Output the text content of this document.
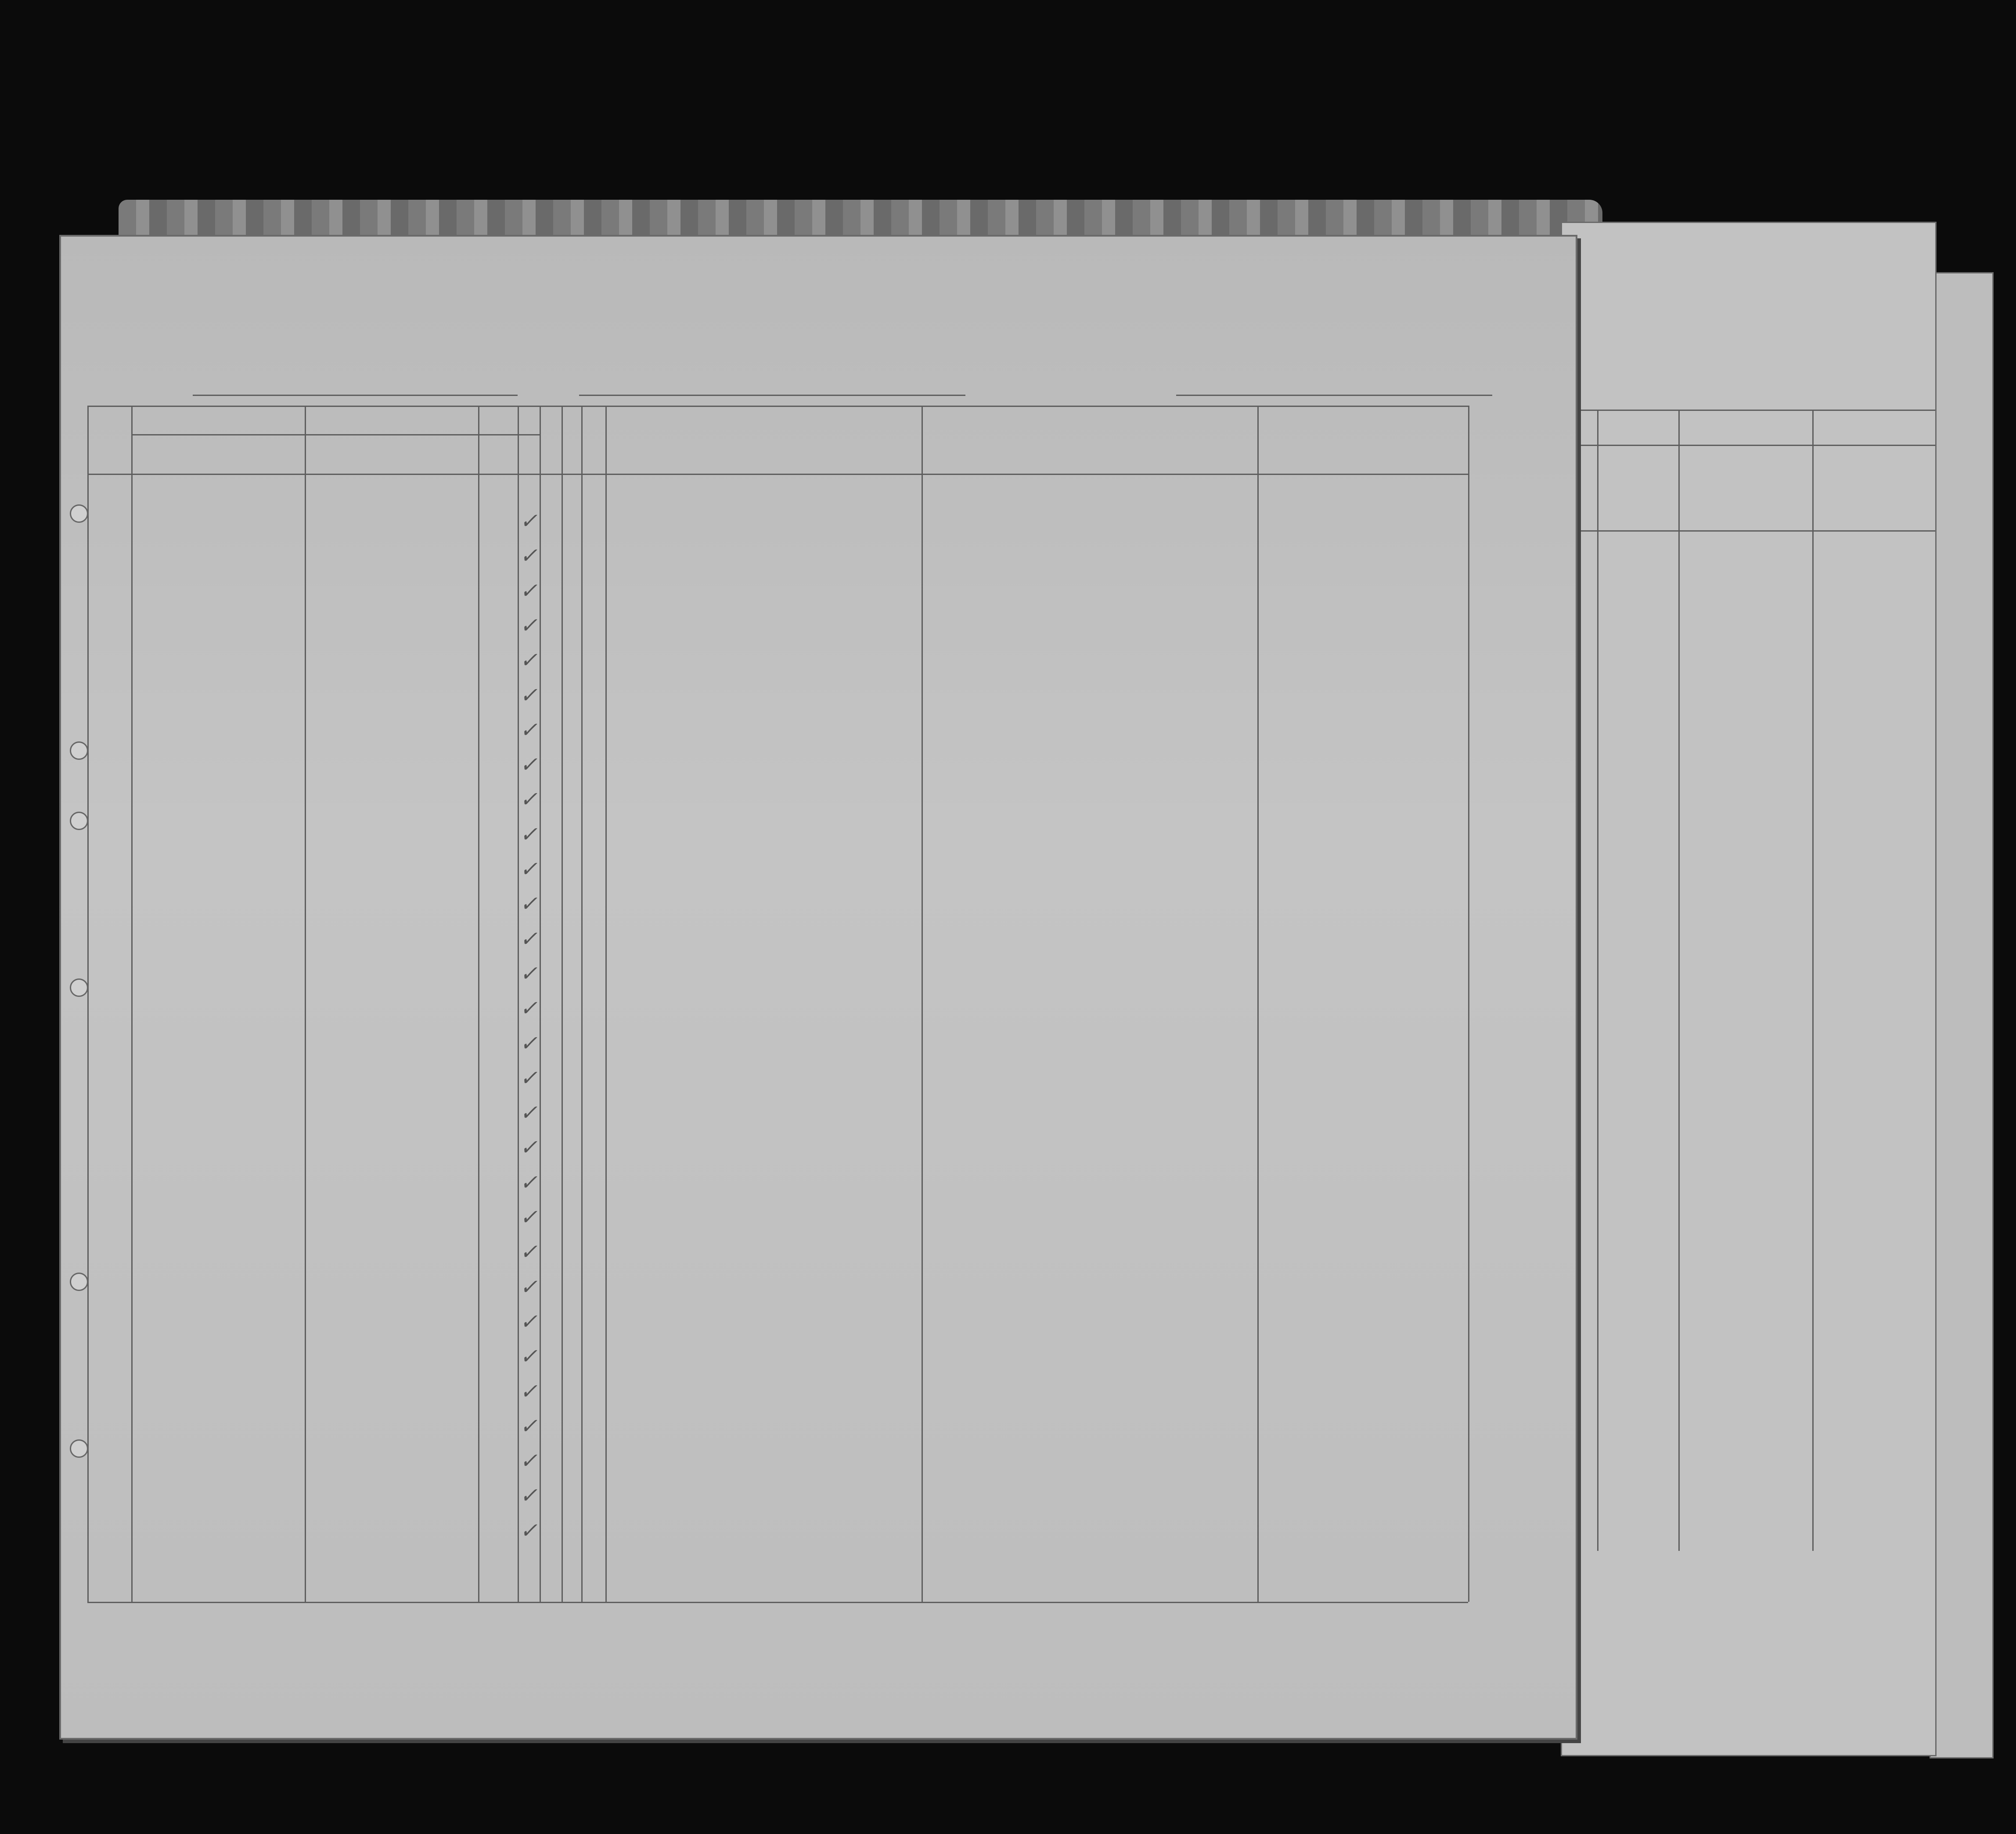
✓
✓
✓
✓
✓
✓
✓
✓
✓
✓
✓
✓
✓
✓
✓
✓
✓
✓
✓
✓
✓
✓
✓
✓
✓
✓
✓
✓
✓
✓
